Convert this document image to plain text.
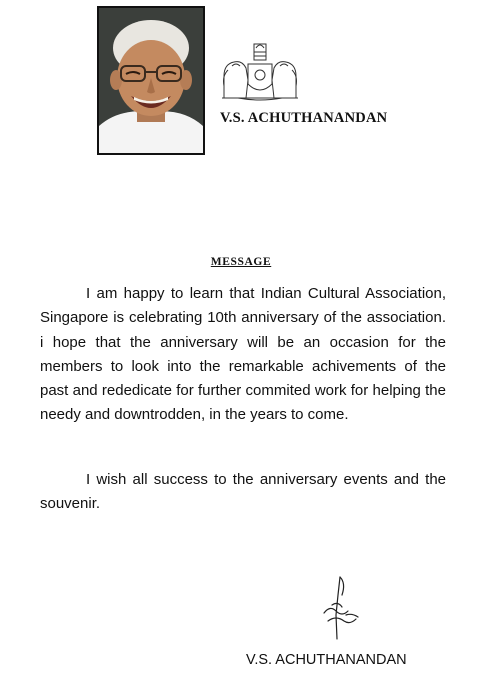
V.S. ACHUTHANANDAN
MESSAGE

I am happy to learn that Indian Cultural Association, Singapore is celebrating 10th anniversary of the association. i hope that the anniversary will be an occasion for the members to look into the remarkable achivements of the past and rededicate for further commited work for helping the needy and downtrodden, in the years to come.

I wish all success to the anniversary events and the souvenir.

V.S. ACHUTHANANDAN
